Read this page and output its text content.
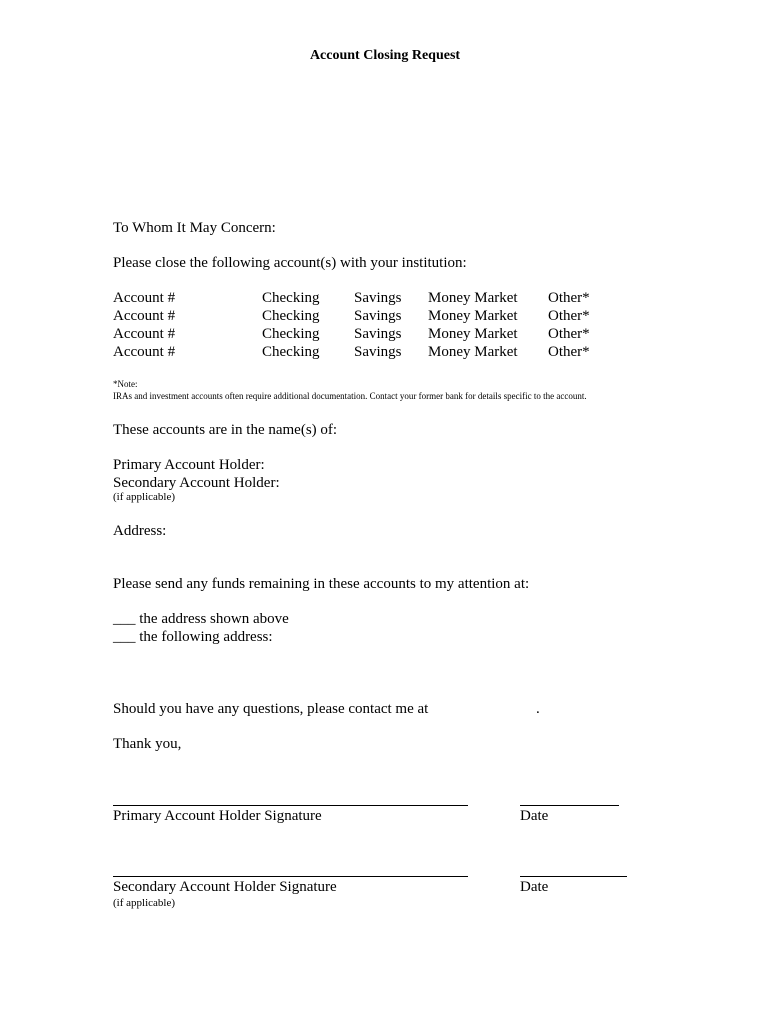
Account Closing Request
To Whom It May Concern:
Please close the following account(s) with your institution:
Account #	Checking Savings Money Market Other*
Account #	Checking Savings Money Market Other*
Account #	Checking Savings Money Market Other*
Account #	Checking Savings Money Market Other*
*Note:
IRAs and investment accounts often require additional documentation. Contact your former bank for details specific to the account.
These accounts are in the name(s) of:
Primary Account Holder:
Secondary Account Holder:
(if applicable)
Address:
Please send any funds remaining in these accounts to my attention at:
___ the address shown above
___ the following address:
Should you have any questions, please contact me at	.
Thank you,
Primary Account Holder Signature	Date
Secondary Account Holder Signature	Date
(if applicable)
